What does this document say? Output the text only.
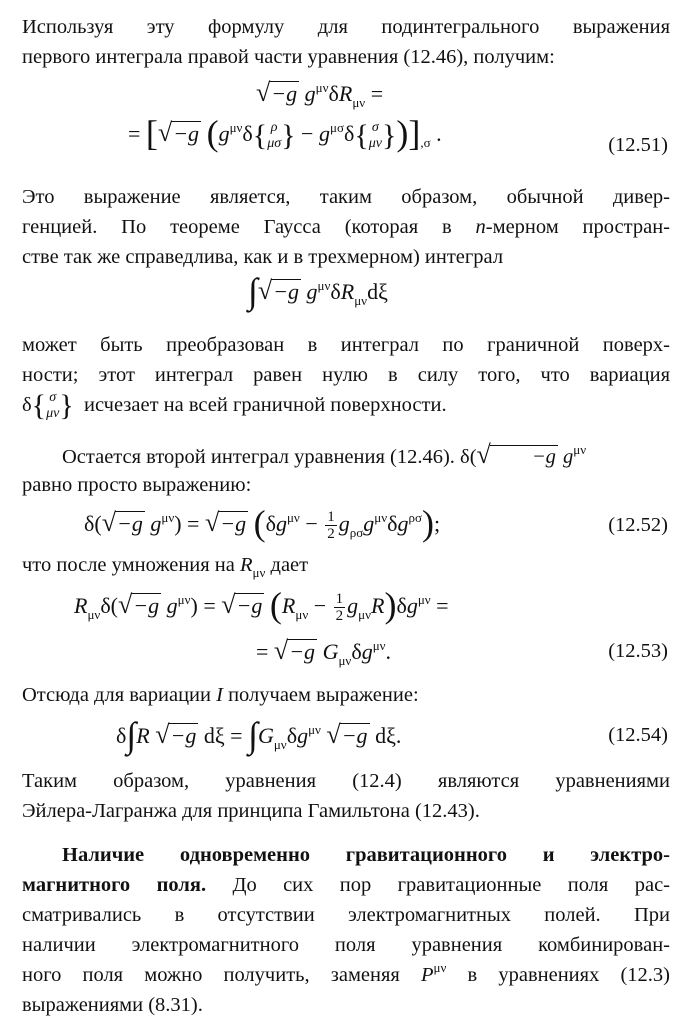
Используя эту формулу для подинтегрального выражения
первого интеграла правой части уравнения (12.46), получим:
√−g $g^{\mu\nu}\delta R_{\mu\nu}$ =
= [√−g ($g^{\mu\nu}\delta${ ρ
μσ } − $g^{\mu\sigma}\delta${ σ
μν })]$_{,\sigma}$ .	(12.51)
Это выражение является, таким образом, обычной дивер-
генцией. По теореме Гаусса (которая в n-мерном простран-
стве так же справедлива, как и в трехмерном) интеграл
∫√−g $g^{\mu\nu}\delta R_{\mu\nu}d\xi$
может быть преобразован в интеграл по граничной поверх-
ности; этот интеграл равен нулю в силу того, что вариация
δ{ σ
μν } исчезает на всей граничной поверхности.
Остается второй интеграл уравнения (12.46). δ(√ −g $g^{\mu\nu}$
равно просто выражению:
δ(√−g $g^{\mu\nu}) = √-g$ $(\delta g^{\mu\nu} - \frac{1}{2} g_{\rho\sigma}g^{\mu\nu}\delta g^{\rho\sigma})$;	(12.52)
что после умножения на $R_{\mu\nu}$ дает
$R_{\mu\nu}\delta(√-g$ $g^{\mu\nu}) = √-g$ $(R_{\mu\nu} - \frac{1}{2} g_{\mu\nu}R)\delta g^{\mu\nu}$ =
= √−g $G_{\mu\nu}\delta g^{\mu\nu}$.	(12.53)
Отсюда для вариации I получаем выражение:
δ∫R √−g $d\xi = \int G_{\mu\nu}\delta g^{\mu\nu}$ √−g dξ.	(12.54)
Таким образом, уравнения (12.4) являются уравнениями
Эйлера-Лагранжа для принципа Гамильтона (12.43).
Наличие одновременно гравитационного и электро-
магнитного поля. До сих пор гравитационные поля рас-
сматривались в отсутствии электромагнитных полей. При
наличии электромагнитного поля уравнения комбинирован-
ного поля можно получить, заменяя $P^{\mu\nu}$ в уравнениях (12.3)
выражениями (8.31).
